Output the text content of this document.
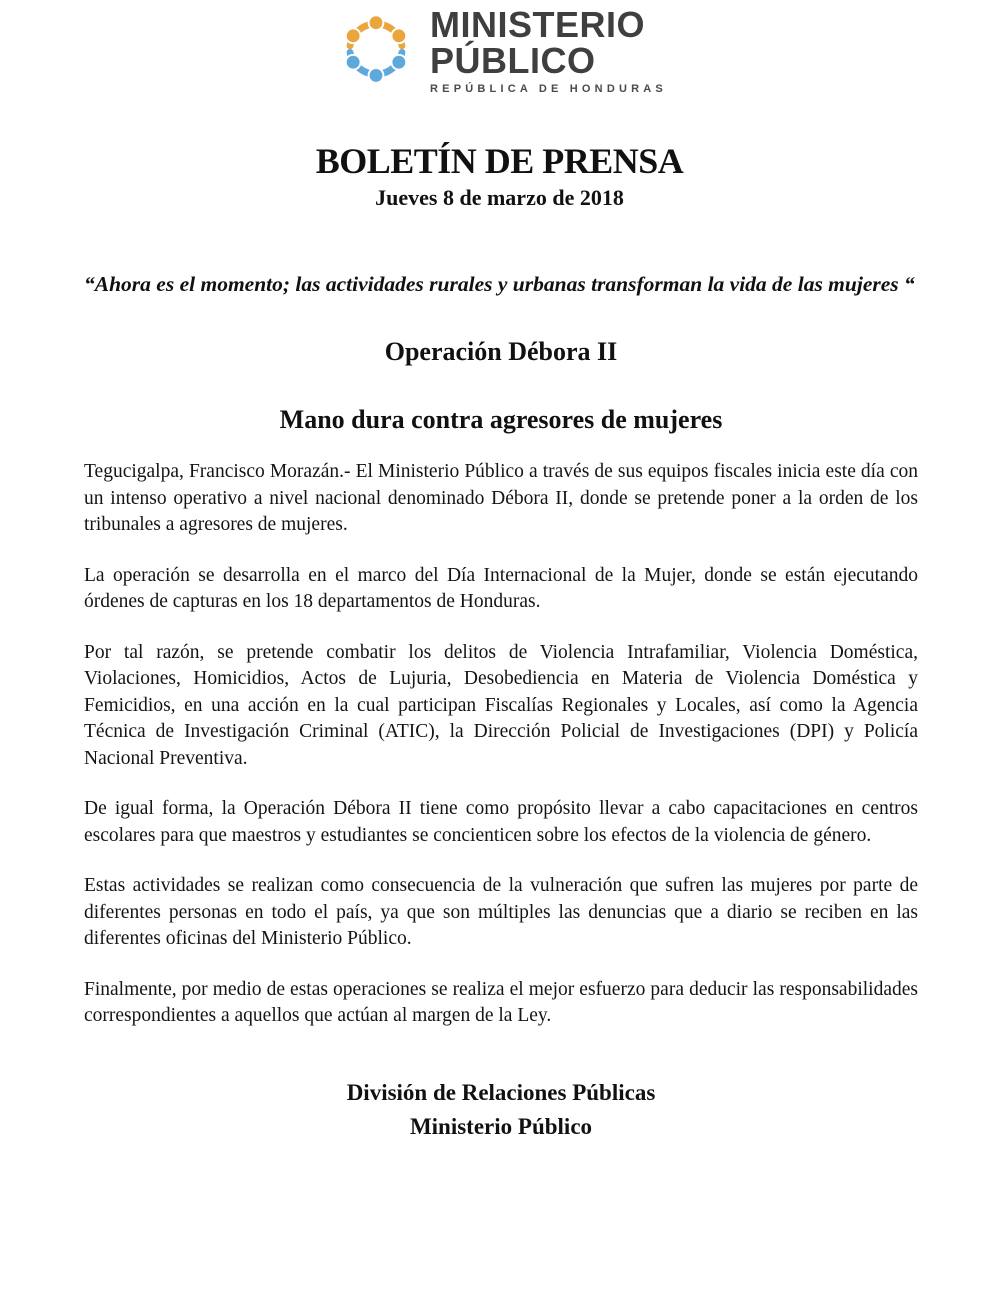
MINISTERIO
PÚBLICO
REPÚBLICA DE HONDURAS
BOLETÍN DE PRENSA
Jueves 8 de marzo de 2018
“Ahora es el momento; las actividades rurales y urbanas transforman la vida de las mujeres “
Operación Débora II
Mano dura contra agresores de mujeres

Tegucigalpa, Francisco Morazán.- El Ministerio Público a través de sus equipos fiscales inicia este día con un intenso operativo a nivel nacional denominado Débora II, donde se pretende poner a la orden de los tribunales a agresores de mujeres.

La operación se desarrolla en el marco del Día Internacional de la Mujer, donde se están ejecutando órdenes de capturas en los 18 departamentos de Honduras.

Por tal razón, se pretende combatir los delitos de Violencia Intrafamiliar, Violencia Doméstica, Violaciones, Homicidios, Actos de Lujuria, Desobediencia en Materia de Violencia Doméstica y Femicidios, en una acción en la cual participan Fiscalías Regionales y Locales, así como la Agencia Técnica de Investigación Criminal (ATIC), la Dirección Policial de Investigaciones (DPI) y Policía Nacional Preventiva.

De igual forma, la Operación Débora II tiene como propósito llevar a cabo capacitaciones en centros escolares para que maestros y estudiantes se concienticen sobre los efectos de la violencia de género.

Estas actividades se realizan como consecuencia de la vulneración que sufren las mujeres por parte de diferentes personas en todo el país, ya que son múltiples las denuncias que a diario se reciben en las diferentes oficinas del Ministerio Público.

Finalmente, por medio de estas operaciones se realiza el mejor esfuerzo para deducir las responsabilidades correspondientes a aquellos que actúan al margen de la Ley.

División de Relaciones Públicas
Ministerio Público
